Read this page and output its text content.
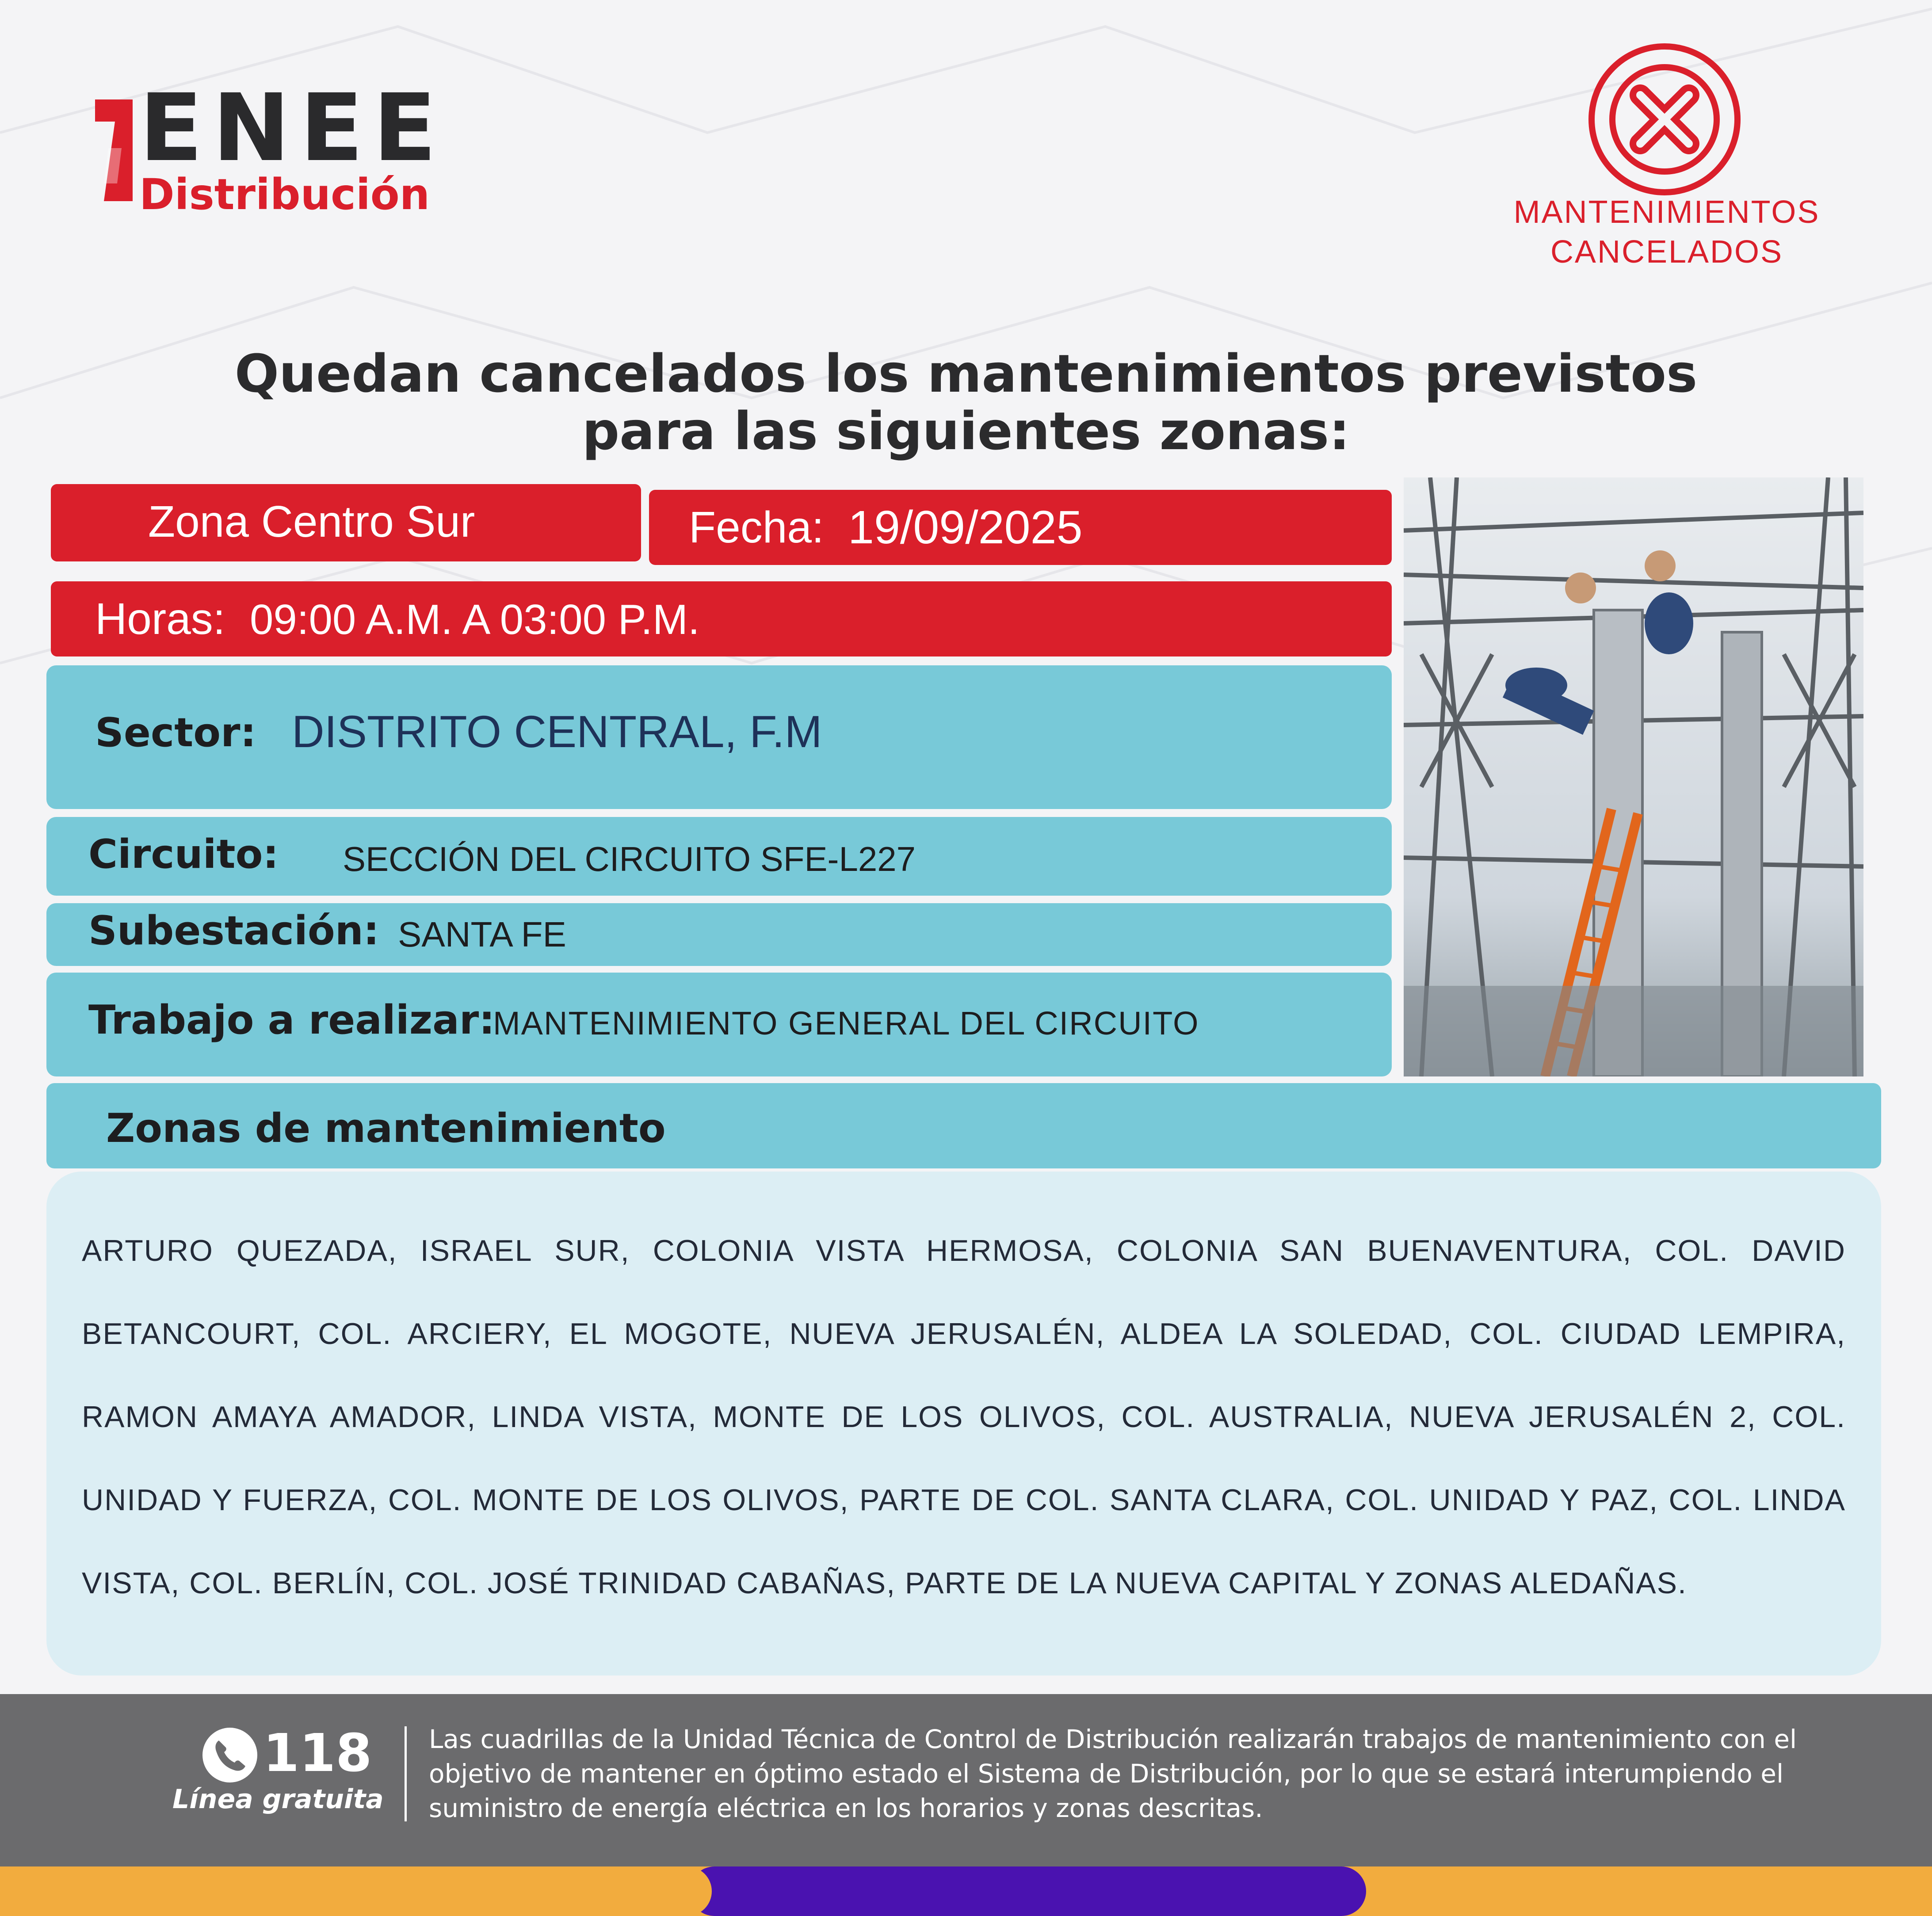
ENEE
Distribución	MANTENIMIENTOS
CANCELADOS
Quedan cancelados los mantenimientos previstos
para las siguientes zonas:
Zona Centro Sur	Fecha: 19/09/2025
Horas: 09:00 A.M. A 03:00 P.M.
Sector: DISTRITO CENTRAL, F.M
Circuito: SECCIÓN DEL CIRCUITO SFE-L227
Subestación: SANTA FE
Trabajo a realizar:
MANTENIMIENTO GENERAL DEL CIRCUITO
Zonas de mantenimiento
ARTURO QUEZADA, ISRAEL SUR, COLONIA VISTA HERMOSA, COLONIA SAN BUENAVENTURA, COL. DAVID BETANCOURT, COL. ARCIERY, EL MOGOTE, NUEVA JERUSALÉN, ALDEA LA SOLEDAD, COL. CIUDAD LEMPIRA, RAMON AMAYA AMADOR, LINDA VISTA, MONTE DE LOS OLIVOS, COL. AUSTRALIA, NUEVA JERUSALÉN 2, COL. UNIDAD Y FUERZA, COL. MONTE DE LOS OLIVOS, PARTE DE COL. SANTA CLARA, COL. UNIDAD Y PAZ, COL. LINDA VISTA, COL. BERLÍN, COL. JOSÉ TRINIDAD CABAÑAS, PARTE DE LA NUEVA CAPITAL Y ZONAS ALEDAÑAS.
118
Línea gratuita
Las cuadrillas de la Unidad Técnica de Control de Distribución realizarán trabajos de mantenimiento con el objetivo de mantener en óptimo estado el Sistema de Distribución, por lo que se estará interumpiendo el suministro de energía eléctrica en los horarios y zonas descritas.
